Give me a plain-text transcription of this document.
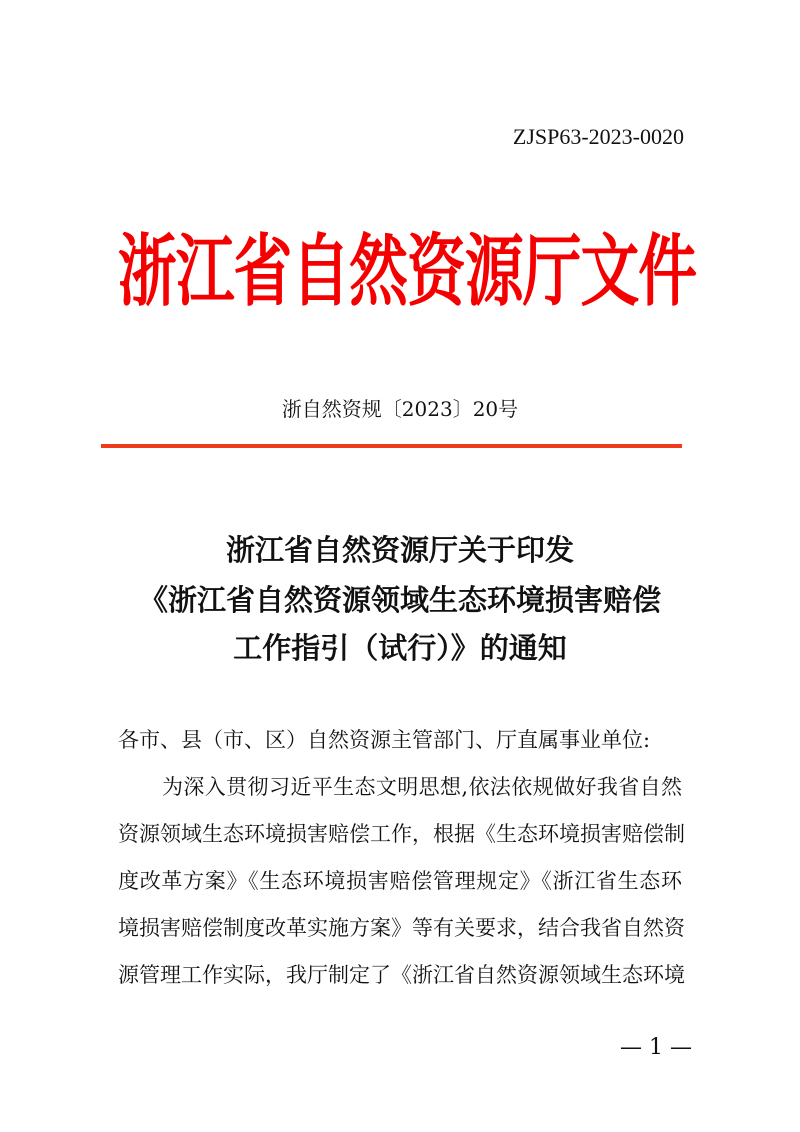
ZJSP63-2023-0020
浙江省自然资源厅文件
浙自然资规〔2023〕20号
浙江省自然资源厅关于印发
《浙江省自然资源领域生态环境损害赔偿
工作指引（试行）》的通知
各市、县（市、区）自然资源主管部门、厅直属事业单位:
为深入贯彻习近平生态文明思想,依法依规做好我省自然
资源领域生态环境损害赔偿工作，根据《生态环境损害赔偿制
度改革方案》《生态环境损害赔偿管理规定》《浙江省生态环
境损害赔偿制度改革实施方案》等有关要求，结合我省自然资
源管理工作实际，我厅制定了《浙江省自然资源领域生态环境
— 1 —
